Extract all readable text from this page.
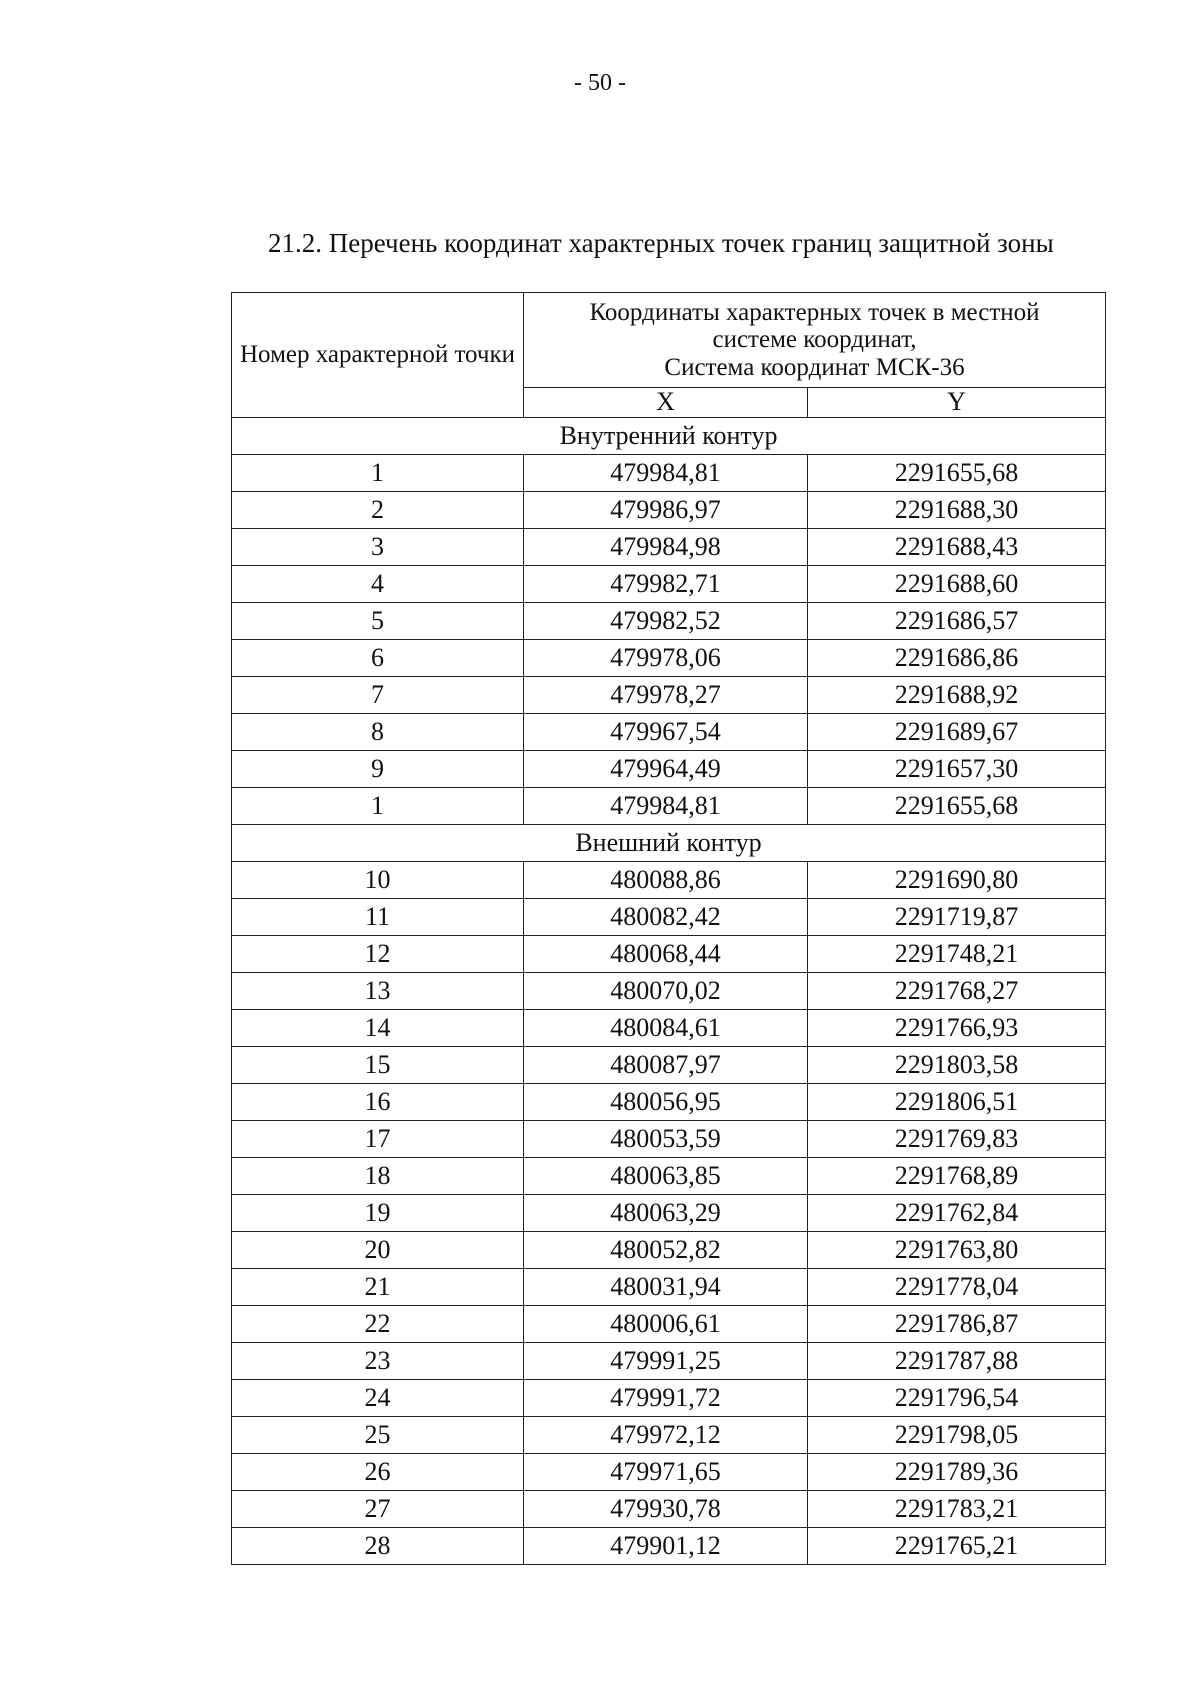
- 50 -
21.2. Перечень координат характерных точек границ защитной зоны
Номер характерной точки	Координаты характерных точек в местной
системе координат,
Система координат МСК-36	

	X	Y
Внутренний контур		
1	479984,81	2291655,68
2	479986,97	2291688,30
3	479984,98	2291688,43
4	479982,71	2291688,60
5	479982,52	2291686,57
6	479978,06	2291686,86
7	479978,27	2291688,92
8	479967,54	2291689,67
9	479964,49	2291657,30
1	479984,81	2291655,68
Внешний контур		
10	480088,86	2291690,80
11	480082,42	2291719,87
12	480068,44	2291748,21
13	480070,02	2291768,27
14	480084,61	2291766,93
15	480087,97	2291803,58
16	480056,95	2291806,51
17	480053,59	2291769,83
18	480063,85	2291768,89
19	480063,29	2291762,84
20	480052,82	2291763,80
21	480031,94	2291778,04
22	480006,61	2291786,87
23	479991,25	2291787,88
24	479991,72	2291796,54
25	479972,12	2291798,05
26	479971,65	2291789,36
27	479930,78	2291783,21
28	479901,12	2291765,21
